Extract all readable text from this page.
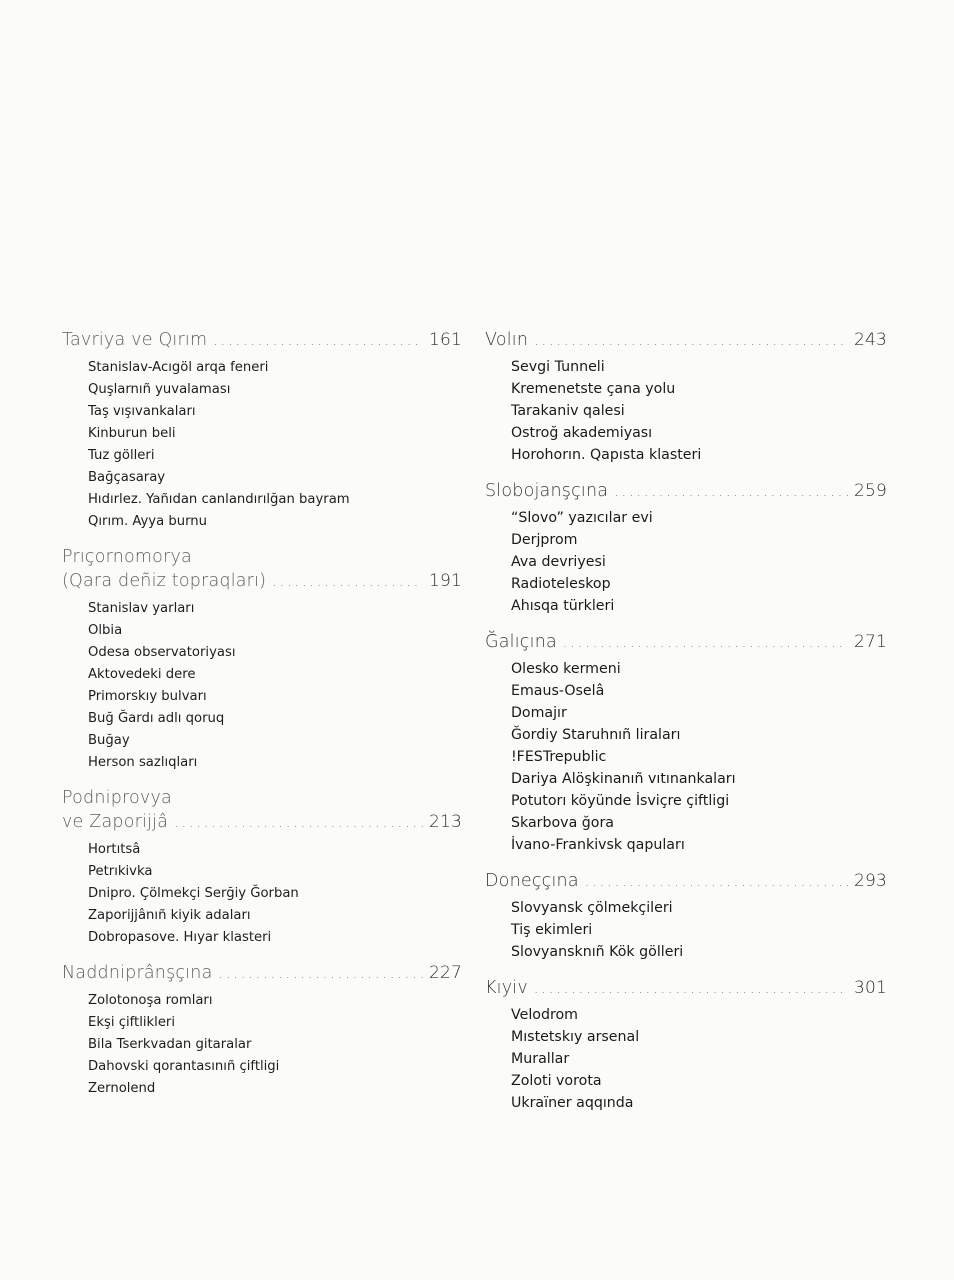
Tavriya ve Qırım .....	161
Stanislav-Acıgöl arqa feneri
Quşlarnıñ yuvalaması
Taş vışıvankaları
Kinburun beli
Tuz gölleri
Bağçasaray
Hıdırlez. Yañıdan canlandırılğan bayram
Qırım. Ayya burnu
Prıçornomorya
(Qara deñiz topraqları) .....	191
Stanislav yarları
Olbia
Odesa observatoriyası
Aktovedeki dere
Primorskıy bulvarı
Buğ Ğardı adlı qoruq
Buğay
Herson sazlıqları
Podniprovya
ve Zaporijjâ .....	213
Hortıtsâ
Petrıkivka
Dnipro. Çölmekçi Serğiy Ğorban
Zaporijjânıñ kiyik adaları
Dobropasove. Hıyar klasteri
Naddniprânşçına .....	227
Zolotonoşa romları
Ekşi çiftlikleri
Bila Tserkvadan gitaralar
Dahovski qorantasınıñ çiftligi
Zernolend
Volın .....	243
Sevgi Tunneli
Kremenetste çana yolu
Tarakaniv qalesi
Ostroğ akademiyası
Horohorın. Qapısta klasteri
Slobojanşçına .....	259
“Slovo” yazıcılar evi
Derjprom
Ava devriyesi
Radioteleskop
Ahısqa türkleri
Ğalıçına .....	271
Olesko kermeni
Emaus-Oselâ
Domajır
Ğordiy Staruhnıñ liraları
!FESTrepublic
Dariya Alöşkinanıñ vıtınankaları
Potutorı köyünde İsviçre çiftligi
Skarbova ğora
İvano-Frankivsk qapuları
Doneççına .....	293
Slovyansk çölmekçileri
Tiş ekimleri
Slovyansknıñ Kök gölleri
Kıyiv .....	301
Velodrom
Mıstetskıy arsenal
Murallar
Zoloti vorota
Ukraïner aqqında
